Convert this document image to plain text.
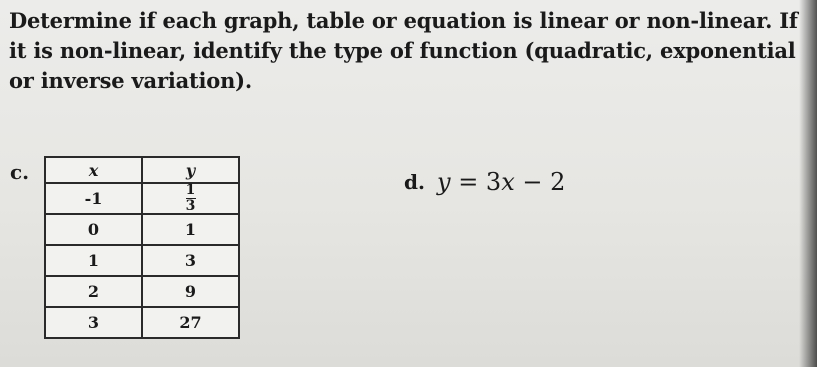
Determine if each graph, table or equation is linear or non-linear. If
it is non-linear, identify the type of function (quadratic, exponential
or inverse variation).
c.	x	y
-1	$\frac{1}{3}$

0	1
1	3
2	9
3	27
d. y = 3x − 2
